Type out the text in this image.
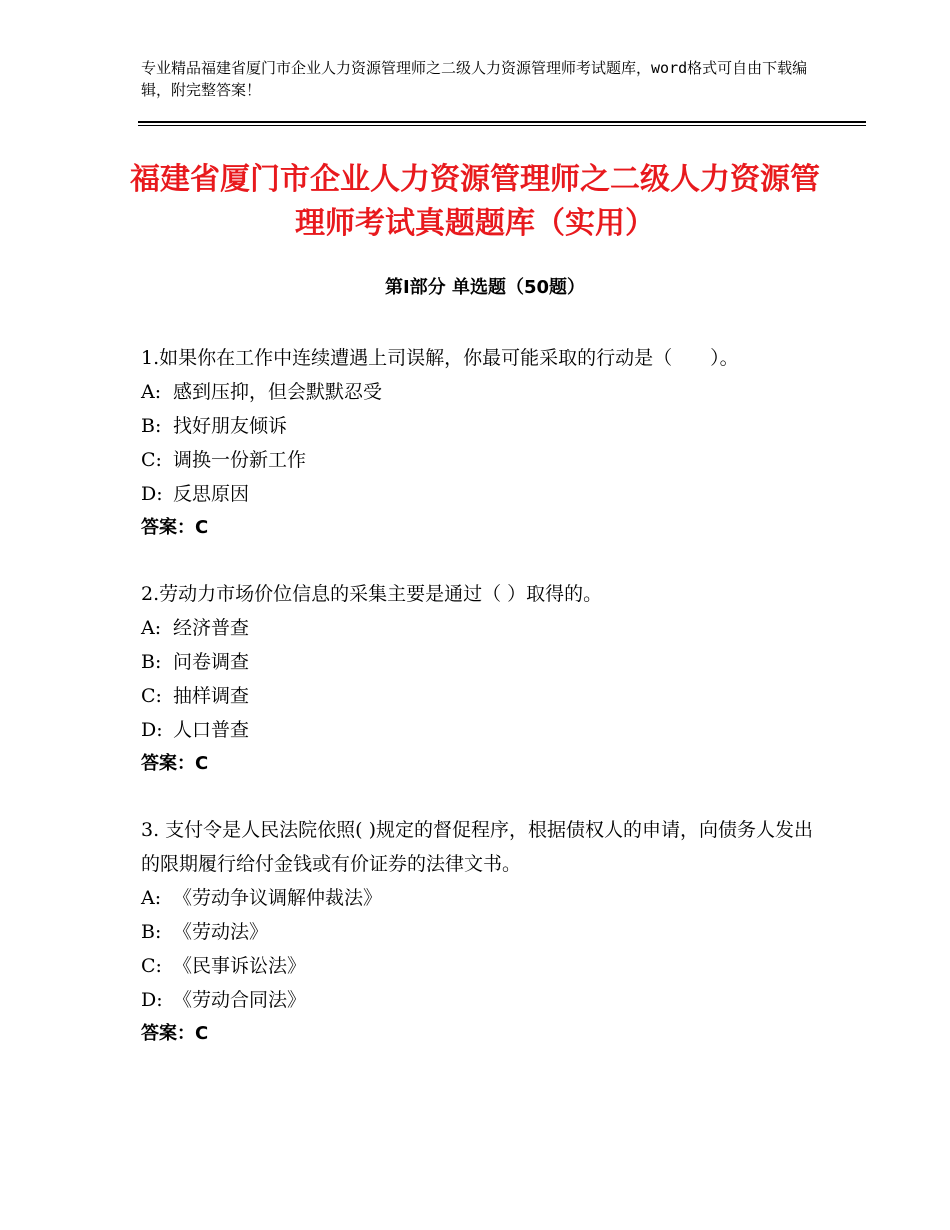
专业精品福建省厦门市企业人力资源管理师之二级人力资源管理师考试题库，word格式可自由下载编辑，附完整答案！
福建省厦门市企业人力资源管理师之二级人力资源管理师考试真题题库（实用）
第Ⅰ部分 单选题（50题）
1.如果你在工作中连续遭遇上司误解，你最可能采取的行动是（　　）。
A: 感到压抑，但会默默忍受
B: 找好朋友倾诉
C: 调换一份新工作
D: 反思原因
答案：C
2.劳动力市场价位信息的采集主要是通过（ ）取得的。
A: 经济普查
B: 问卷调查
C: 抽样调查
D: 人口普查
答案：C
3. 支付令是人民法院依照( )规定的督促程序，根据债权人的申请，向债务人发出的限期履行给付金钱或有价证券的法律文书。
A: 《劳动争议调解仲裁法》
B: 《劳动法》
C: 《民事诉讼法》
D: 《劳动合同法》
答案：C
